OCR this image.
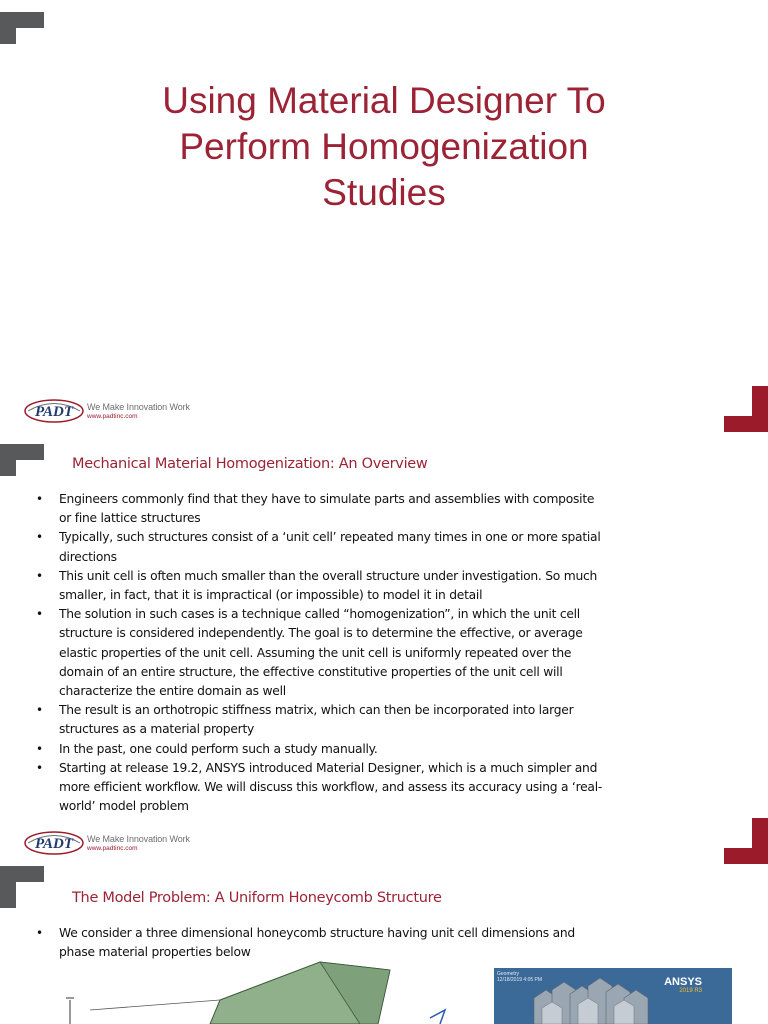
Using Material Designer To
Perform Homogenization
Studies
PADT We Make Innovation Work
www.padtinc.com
Mechanical Material Homogenization: An Overview
• Engineers commonly find that they have to simulate parts and assemblies with composite
or fine lattice structures
• Typically, such structures consist of a ‘unit cell’ repeated many times in one or more spatial
directions
• This unit cell is often much smaller than the overall structure under investigation. So much
smaller, in fact, that it is impractical (or impossible) to model it in detail
• The solution in such cases is a technique called “homogenization”, in which the unit cell
structure is considered independently. The goal is to determine the effective, or average
elastic properties of the unit cell. Assuming the unit cell is uniformly repeated over the
domain of an entire structure, the effective constitutive properties of the unit cell will
characterize the entire domain as well
• The result is an orthotropic stiffness matrix, which can then be incorporated into larger
structures as a material property
• In the past, one could perform such a study manually.
• Starting at release 19.2, ANSYS introduced Material Designer, which is a much simpler and
more efficient workflow. We will discuss this workflow, and assess its accuracy using a ‘real-
world’ model problem
PADT We Make Innovation Work
www.padtinc.com
The Model Problem: A Uniform Honeycomb Structure
• We consider a three dimensional honeycomb structure having unit cell dimensions and
phase material properties below
Geometry
12/18/2019 4:05 PM	ANSYS
2019 R3
